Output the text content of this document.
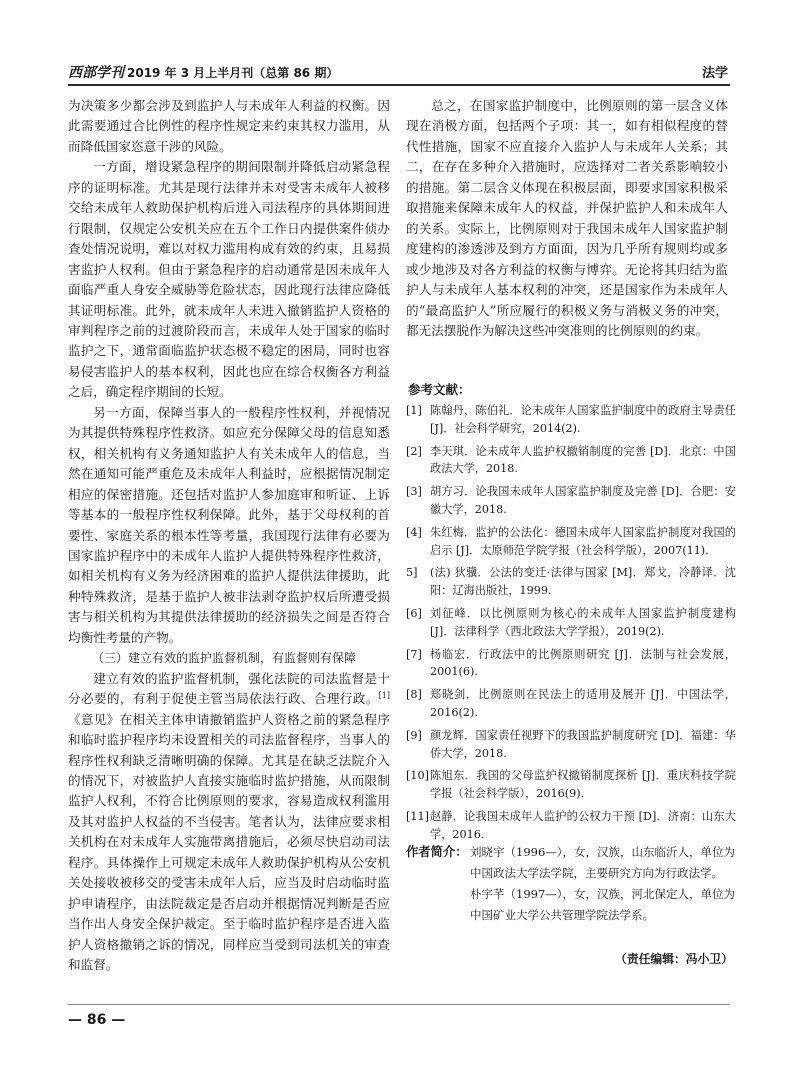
西部学刊 2019 年 3 月上半月刊（总第 86 期）	法学

为决策多少都会涉及到监护人与未成年人利益的权衡。因此需要通过合比例性的程序性规定来约束其权力滥用，从而降低国家恣意干涉的风险。

一方面，增设紧急程序的期间限制并降低启动紧急程序的证明标准。尤其是现行法律并未对受害未成年人被移交给未成年人救助保护机构后进入司法程序的具体期间进行限制，仅规定公安机关应在五个工作日内提供案件侦办查处情况说明，难以对权力滥用构成有效的约束，且易损害监护人权利。但由于紧急程序的启动通常是因未成年人面临严重人身安全威胁等危险状态，因此现行法律应降低其证明标准。此外，就未成年人未进入撤销监护人资格的审判程序之前的过渡阶段而言，未成年人处于国家的临时监护之下，通常面临监护状态极不稳定的困局，同时也容易侵害监护人的基本权利，因此也应在综合权衡各方利益之后，确定程序期间的长短。

另一方面，保障当事人的一般程序性权利，并视情况为其提供特殊程序性救济。如应充分保障父母的信息知悉权，相关机构有义务通知监护人有关未成年人的信息，当然在通知可能严重危及未成年人利益时，应根据情况制定相应的保密措施。还包括对监护人参加庭审和听证、上诉等基本的一般程序性权利保障。此外，基于父母权利的首要性、家庭关系的根本性等考量，我国现行法律有必要为国家监护程序中的未成年人监护人提供特殊程序性救济，如相关机构有义务为经济困难的监护人提供法律援助，此种特殊救济，是基于监护人被非法剥夺监护权后所遭受损害与相关机构为其提供法律援助的经济损失之间是否符合均衡性考量的产物。

（三）建立有效的监护监督机制，有监督则有保障

建立有效的监护监督机制，强化法院的司法监督是十分必要的，有利于促使主管当局依法行政、合理行政。[1]《意见》在相关主体申请撤销监护人资格之前的紧急程序和临时监护程序均未设置相关的司法监督程序，当事人的程序性权利缺乏清晰明确的保障。尤其是在缺乏法院介入的情况下，对被监护人直接实施临时监护措施，从而限制监护人权利，不符合比例原则的要求，容易造成权利滥用及其对监护人权益的不当侵害。笔者认为，法律应要求相关机构在对未成年人实施带离措施后，必须尽快启动司法程序。具体操作上可规定未成年人救助保护机构从公安机关处接收被移交的受害未成年人后，应当及时启动临时监护申请程序，由法院裁定是否启动并根据情况判断是否应当作出人身安全保护裁定。至于临时监护程序是否进入监护人资格撤销之诉的情况，同样应当受到司法机关的审查和监督。

总之，在国家监护制度中，比例原则的第一层含义体现在消极方面，包括两个子项：其一，如有相似程度的替代性措施，国家不应直接介入监护人与未成年人关系；其二，在存在多种介入措施时，应选择对二者关系影响较小的措施。第二层含义体现在积极层面，即要求国家积极采取措施来保障未成年人的权益，并保护监护人和未成年人的关系。实际上，比例原则对于我国未成年人国家监护制度建构的渗透涉及到方方面面，因为几乎所有规则均或多或少地涉及对各方利益的权衡与博弈。无论将其归结为监护人与未成年人基本权利的冲突，还是国家作为未成年人的“最高监护人”所应履行的积极义务与消极义务的冲突，都无法摆脱作为解决这些冲突准则的比例原则的约束。

参考文献：
[1] 陈翰丹，陈伯礼．论未成年人国家监护制度中的政府主导责任 [J]．社会科学研究，2014(2).
[2] 李天琪．论未成年人监护权撤销制度的完善 [D]．北京：中国政法大学，2018.
[3] 胡方习．论我国未成年人国家监护制度及完善 [D]．合肥：安徽大学，2018.
[4] 朱红梅．监护的公法化：德国未成年人国家监护制度对我国的启示 [J]．太原师范学院学报（社会科学版），2007(11).
5] (法) 狄骥．公法的变迁·法律与国家 [M]．郑戈，冷静译．沈阳：辽海出版社，1999.
[6] 刘征峰．以比例原则为核心的未成年人国家监护制度建构 [J]．法律科学（西北政法大学学报），2019(2).
[7] 杨临宏．行政法中的比例原则研究 [J]．法制与社会发展，2001(6).
[8] 郑晓剑．比例原则在民法上的适用及展开 [J]．中国法学，2016(2).
[9] 颜龙辉．国家责任视野下的我国监护制度研究 [D]．福建：华侨大学，2018.
[10] 陈旭东．我国的父母监护权撤销制度探析 [J]．重庆科技学院学报（社会科学版），2016(9).
[11] 赵静．论我国未成年人监护的公权力干预 [D]．济南：山东大学，2016.
作者简介： 刘晓宇（1996—），女，汉族，山东临沂人，单位为中国政法大学法学院，主要研究方向为行政法学。

朴宇芊（1997—），女，汉族，河北保定人，单位为中国矿业大学公共管理学院法学系。

（责任编辑：冯小卫）
— 86 —
